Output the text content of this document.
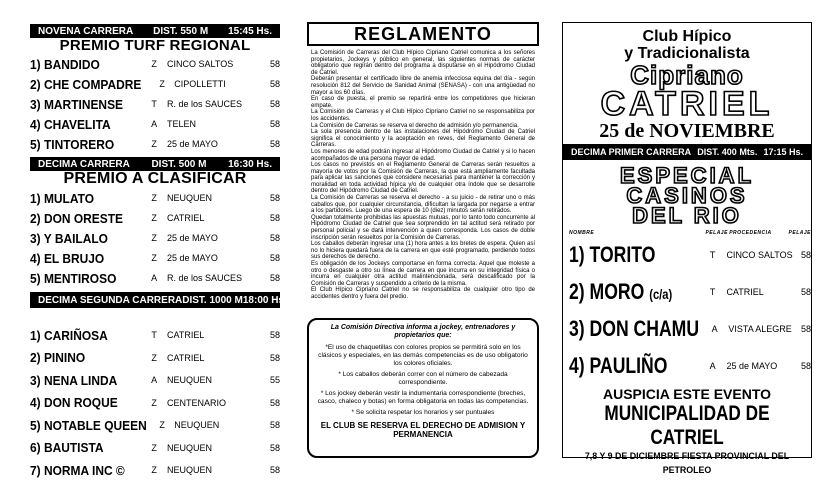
NOVENA CARRERA DIST. 550 M 15:45 Hs.
PREMIO TURF REGIONAL
1) BANDIDO	Z	CINCO SALTOS	58
2) CHE COMPADRE	Z	CIPOLLETTI	58
3) MARTINENSE	T	R. de los SAUCES	58
4) CHAVELITA	A	TELEN	58
5) TINTORERO	Z	25 de MAYO	58
DECIMA CARRERA DIST. 500 M 16:30 Hs.
PREMIO A CLASIFICAR
1) MULATO	Z	NEUQUEN	58
2) DON ORESTE	Z	CATRIEL	58
3) Y BAILALO	Z	25 de MAYO	58
4) EL BRUJO	Z	25 de MAYO	58
5) MENTIROSO	A	R. de los SAUCES	58
DECIMA SEGUNDA CARRERA DIST. 1000 M 18:00 Hs.
1) CARIÑOSA	T	CATRIEL	58
2) PININO	Z	CATRIEL	58
3) NENA LINDA	A	NEUQUEN	55
4) DON ROQUE	Z	CENTENARIO	58
5) NOTABLE QUEEN	Z	NEUQUEN	58
6) BAUTISTA	Z	NEUQUEN	58
7) NORMA INC ©	Z	NEUQUEN	58
REGLAMENTO

La Comisión de Carreras del Club Hípico Cipriano Catriel comunica a los señores propietarios, Jockeys y público en general, las siguientes normas de carácter obligatorio que regirán dentro del programa a disputarse en el Hipódromo Ciudad de Catriel.

Deberán presentar el certificado libre de anemia infecciosa equina del día - según resolución 812 del Servicio de Sanidad Animal (SENASA) - con una antigüedad no mayor a los 60 días.

En caso de puesta, el premio se repartirá entre los competidores que hicieran empate.

La Comisión de Carreras y el Club Hípico Cipriano Catriel no se responsabiliza por los accidentes.

La Comisión de Carreras se reserva el derecho de admisión y/o permanencia.

La sola presencia dentro de las instalaciones del Hipódromo Ciudad de Catriel significa el conocimiento y la aceptación en reves, del Reglamento General de Carreras.

Los menores de edad podrán ingresar al Hipódromo Ciudad de Catriel y si lo hacen acompañados de una persona mayor de edad.

Los casos no previstos en el Reglamento General de Carreras serán resueltos a mayoría de votos por la Comisión de Carreras, la que está ampliamente facultada para aplicar las sanciones que considere necesarias para mantener la corrección y moralidad en toda actividad hípica y/o de cualquier otra índole que se desarrolle dentro del Hipódromo Ciudad de Catriel.

La Comisión de Carreras se reserva el derecho - a su juicio - de retirar uno o más caballos que, por cualquier circunstancia, dificultan la largada por negarse a entrar a los partidores. Luego de una espera de 10 (diez) minutos serán retirados.

Quedan totalmente prohibidas las apuestas mutuas, por lo tanto todo concurrente al Hipódromo Ciudad de Catriel que sea sorprendido en tal actitud será retirado por personal policial y se dará intervención a quien corresponda. Los casos de doble inscripción serán resueltos por la Comisión de Carreras.

Los caballos deberán ingresar una (1) hora antes a los bretes de espera. Quien así no lo hiciera quedará fuera de la carrera en que esté programado, perdiendo todos sus derechos de derecho.

Es obligación de los Jockeys comportarse en forma correcta. Aquel que moleste a otro o desgaste a otro su línea de carrera en que incurra en su integridad física o incurra en cualquier otra actitud malintencionada, será descalificado por la Comisión de Carreras y suspendido a criterio de la misma.

El Club Hípico Cipriano Catriel no se responsabiliza de cualquier otro tipo de accidentes dentro y fuera del predio.

La Comisión Directiva informa a jockey, entrenadores y propietarios que:

*El uso de chaquetillas con colores propios se permitirá solo en los clásicos y especiales, en las demás competencias es de uso obligatorio los colores oficiales.

* Los caballos deberán correr con el número de cabezada correspondiente.

* Los jockey deberán vestir la indumentaria correspondiente (breches, casco, chaleco y botas) en forma obligatoria en todas las competencias.

* Se solicita respetar los horarios y ser puntuales

EL CLUB SE RESERVA EL DERECHO DE ADMISION Y PERMANENCIA
Club Hípico
y Tradicionalista
Cipriano
CATRIEL
25 de NOVIEMBRE
DECIMA PRIMER CARRERA DIST. 400 Mts. 17:15 Hs.
ESPECIAL
CASINOS
DEL RIO
NOMBRE	PELAJE PROCEDENCIA	PELAJE
1) TORITO	T	CINCO SALTOS 58
2) MORO (c/a)	T	CATRIEL	58
3) DON CHAMU	A	VISTA ALEGRE	58
4) PAULIÑO	A	25 de MAYO	58
AUSPICIA ESTE EVENTO
MUNICIPALIDAD DE CATRIEL
7,8 Y 9 DE DICIEMBRE FIESTA PROVINCIAL DEL PETROLEO
